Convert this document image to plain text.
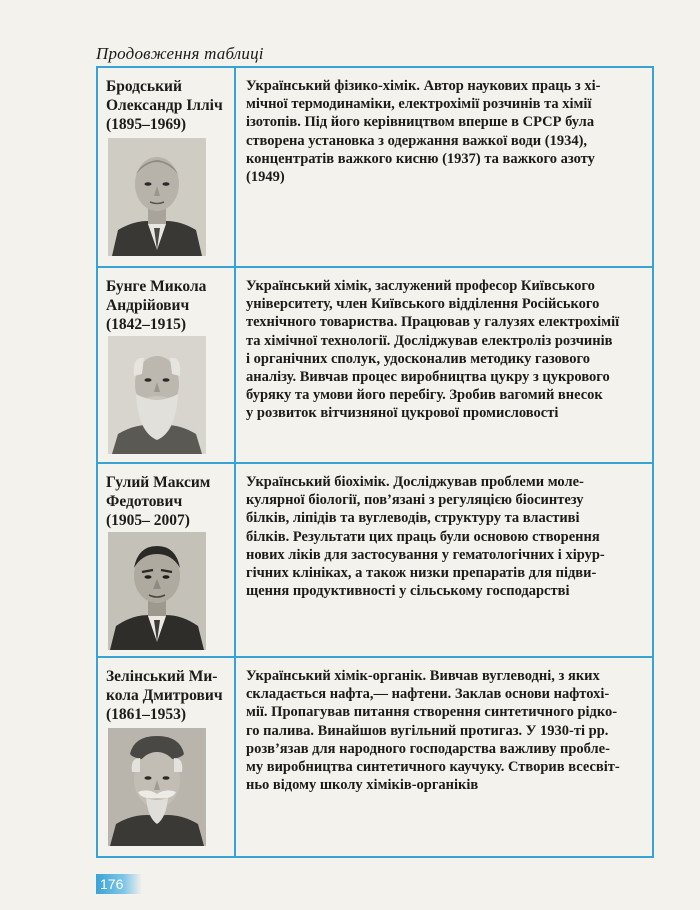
Продовження таблиці
Бродський
Олександр Ілліч
(1895–1969)
Український фізико-хімік. Автор наукових праць з хі-
мічної термодинаміки, електрохімії розчинів та хімії
ізотопів. Під його керівництвом вперше в СРСР була
створена установка з одержання важкої води (1934),
концентратів важкого кисню (1937) та важкого азоту
(1949)
Бунге Микола
Андрійович
(1842–1915)
Український хімік, заслужений професор Київського
університету, член Київського відділення Російського
технічного товариства. Працював у галузях електрохімії
та хімічної технології. Досліджував електроліз розчинів
і органічних сполук, удосконалив методику газового
аналізу. Вивчав процес виробництва цукру з цукрового
буряку та умови його перебігу. Зробив вагомий внесок
у розвиток вітчизняної цукрової промисловості
Гулий Максим
Федотович
(1905– 2007)
Український біохімік. Досліджував проблеми моле-
кулярної біології, пов’язані з регуляцією біосинтезу
білків, ліпідів та вуглеводів, структуру та властиві
білків. Результати цих праць були основою створення
нових ліків для застосування у гематологічних і хірур-
гічних клініках, а також низки препаратів для підви-
щення продуктивності у сільському господарстві
Зелінський Ми-
кола Дмитрович
(1861–1953)
Український хімік-органік. Вивчав вуглеводні, з яких
складається нафта,— нафтени. Заклав основи нафтохі-
мії. Пропагував питання створення синтетичного рідко-
го палива. Винайшов вугільний протигаз. У 1930-ті рр.
розв’язав для народного господарства важливу пробле-
му виробництва синтетичного каучуку. Створив всесвіт-
ньо відому школу хіміків-органіків
176
